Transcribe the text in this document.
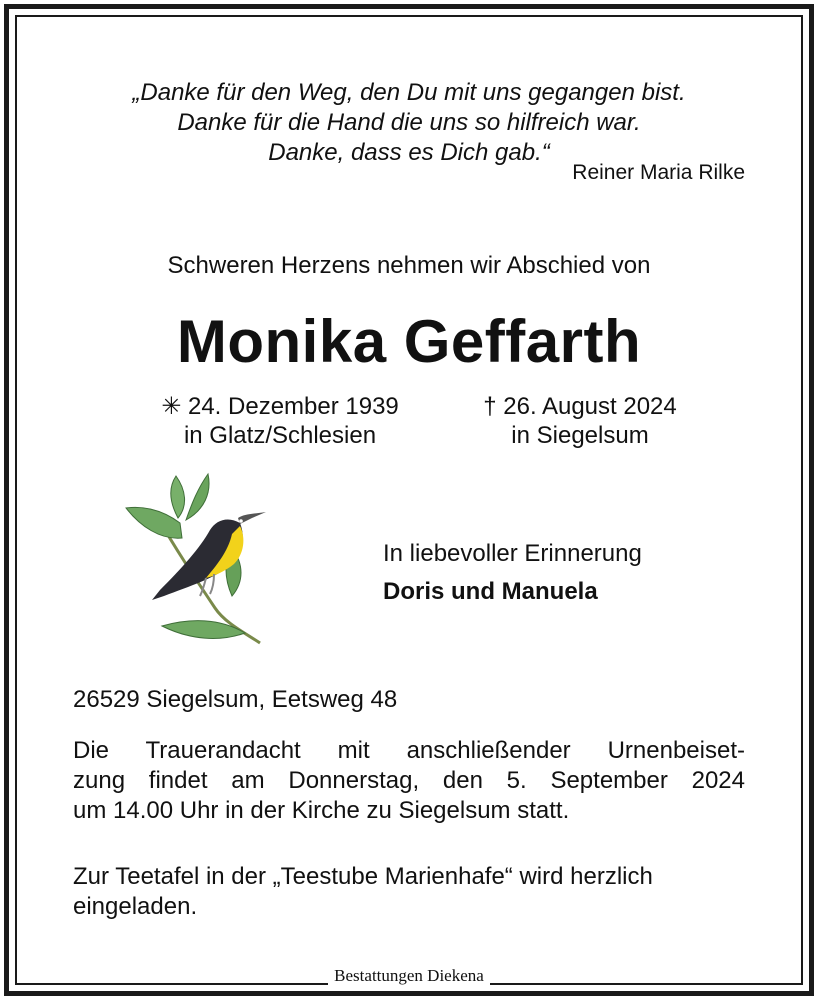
„Danke für den Weg, den Du mit uns gegangen bist.
Danke für die Hand die uns so hilfreich war.
Danke, dass es Dich gab.“
Reiner Maria Rilke
Schweren Herzens nehmen wir Abschied von
Monika Geffarth
✳ 24. Dezember 1939
in Glatz/Schlesien
† 26. August 2024
in Siegelsum
In liebevoller Erinnerung
Doris und Manuela
26529 Siegelsum, Eetsweg 48
Die Trauerandacht mit anschließender Urnenbeiset-
zung findet am Donnerstag, den 5. September 2024
um 14.00 Uhr in der Kirche zu Siegelsum statt.
Zur Teetafel in der „Teestube Marienhafe“ wird herzlich
eingeladen.
Bestattungen Diekena
